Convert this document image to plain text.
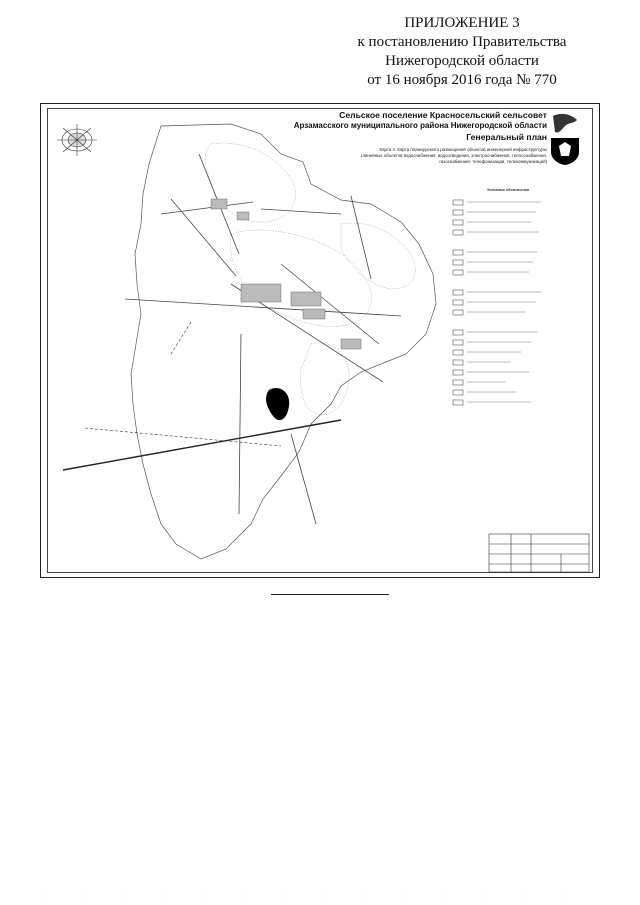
ПРИЛОЖЕНИЕ 3
к постановлению Правительства
Нижегородской области
от 16 ноября 2016 года № 770
Сельское поселение Красносельский сельсовет
Арзамасского муниципального района Нижегородской области
Генеральный план
Карта 2. Карта планируемого размещения объектов инженерной инфраструктуры
(линейных объектов водоснабжения, водоотведения, электроснабжения, теплоснабжения,
газоснабжения, телефонизации, телекоммуникаций)
Условные обозначения
